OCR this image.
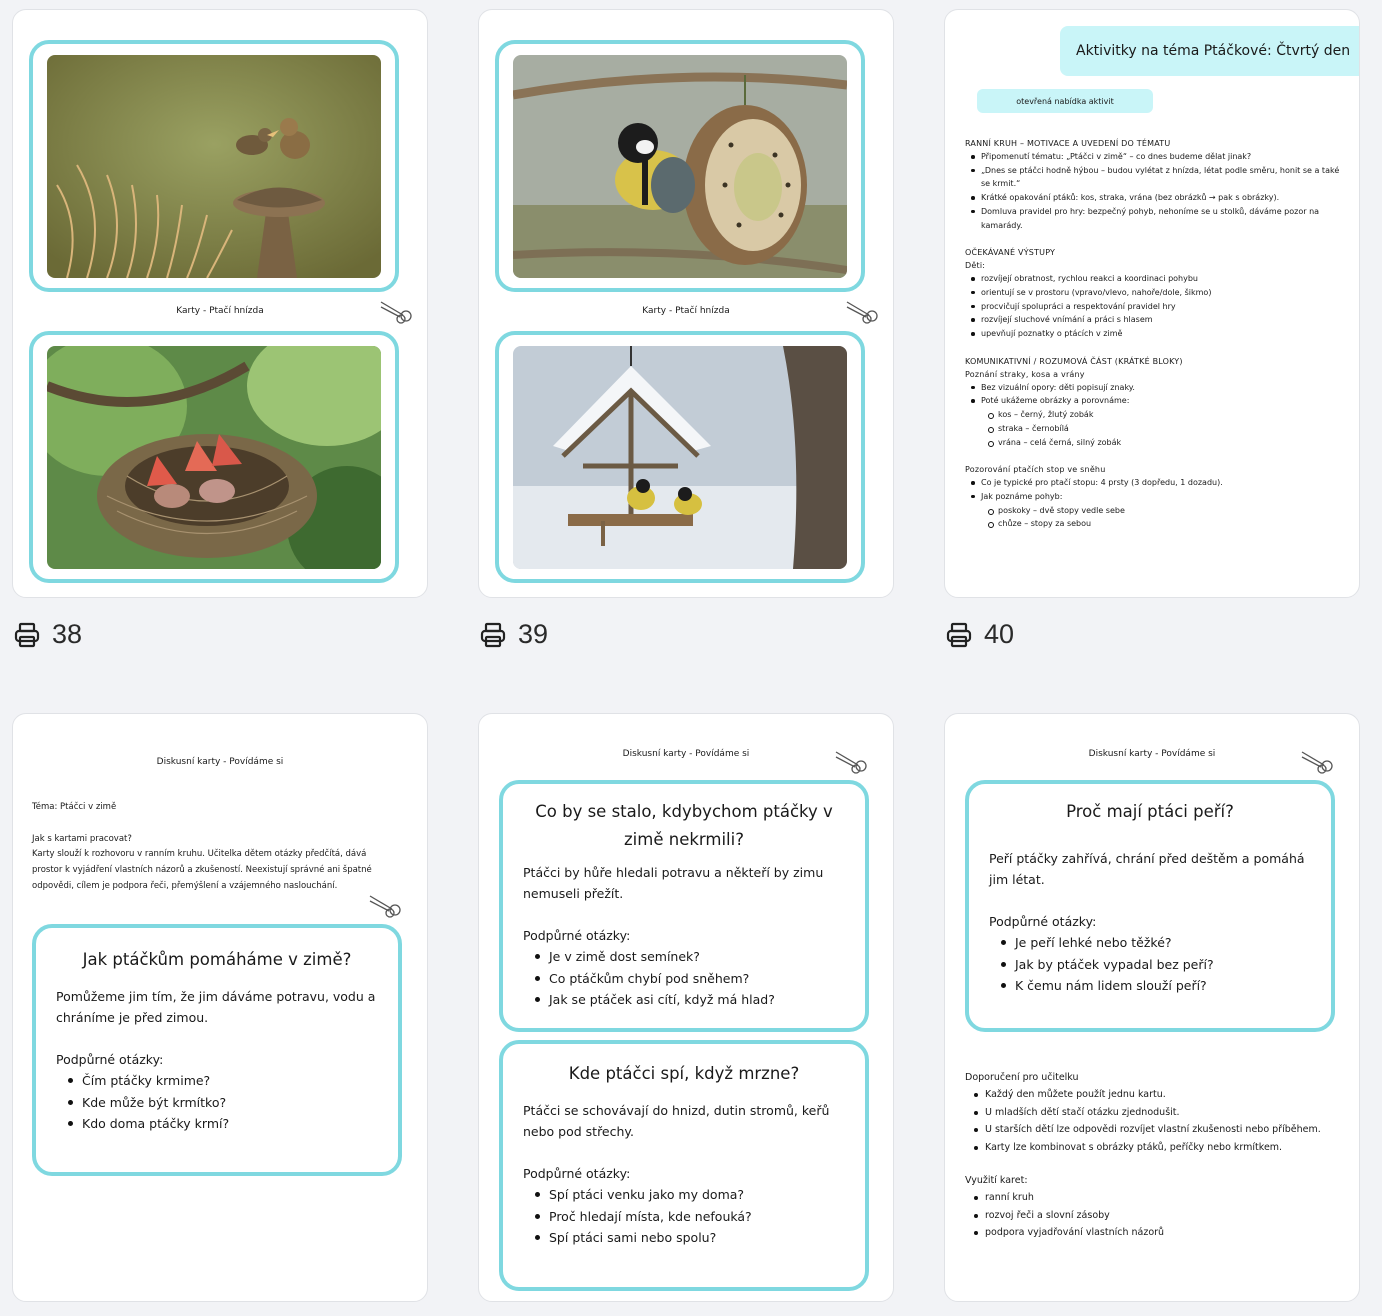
Karty - Ptačí hnízda
38
Karty - Ptačí hnízda
39
Aktivitky na téma Ptáčkové: Čtvrtý den
otevřená nabídka aktivit
RANNÍ KRUH – MOTIVACE A UVEDENÍ DO TÉMATU
Připomenutí tématu: „Ptáčci v zimě“ – co dnes budeme dělat jinak?
„Dnes se ptáčci hodně hýbou – budou vylétat z hnízda, létat podle směru, honit se a také se krmit.“
Krátké opakování ptáků: kos, straka, vrána (bez obrázků → pak s obrázky).
Domluva pravidel pro hry: bezpečný pohyb, nehoníme se u stolků, dáváme pozor na kamarády.
OČEKÁVANÉ VÝSTUPY
Děti:
rozvíjejí obratnost, rychlou reakci a koordinaci pohybu
orientují se v prostoru (vpravo/vlevo, nahoře/dole, šikmo)
procvičují spolupráci a respektování pravidel hry
rozvíjejí sluchové vnímání a práci s hlasem
upevňují poznatky o ptácích v zimě
KOMUNIKATIVNÍ / ROZUMOVÁ ČÁST (KRÁTKÉ BLOKY)
Poznání straky, kosa a vrány
Bez vizuální opory: děti popisují znaky.
Poté ukážeme obrázky a porovnáme:
kos – černý, žlutý zobák
straka – černobílá
vrána – celá černá, silný zobák
Pozorování ptačích stop ve sněhu
Co je typické pro ptačí stopu: 4 prsty (3 dopředu, 1 dozadu).
Jak poznáme pohyb:
poskoky – dvě stopy vedle sebe
chůze – stopy za sebou
40
Diskusní karty - Povídáme si
Téma: Ptáčci v zimě
Jak s kartami pracovat?
Karty slouží k rozhovoru v ranním kruhu. Učitelka dětem otázky předčítá, dává
prostor k vyjádření vlastních názorů a zkušeností. Neexistují správné ani špatné
odpovědi, cílem je podpora řeči, přemýšlení a vzájemného naslouchání.
Jak ptáčkům pomáháme v zimě?
Pomůžeme jim tím, že jim dáváme potravu, vodu a chráníme je před zimou.
Podpůrné otázky:
Čím ptáčky krmime?
Kde může být krmítko?
Kdo doma ptáčky krmí?
Diskusní karty - Povídáme si
Co by se stalo, kdybychom ptáčky v zimě nekrmili?
Ptáčci by hůře hledali potravu a někteří by zimu nemuseli přežít.
Podpůrné otázky:
Je v zimě dost semínek?
Co ptáčkům chybí pod sněhem?
Jak se ptáček asi cítí, když má hlad?
Kde ptáčci spí, když mrzne?
Ptáčci se schovávají do hnizd, dutin stromů, keřů nebo pod střechy.
Podpůrné otázky:
Spí ptáci venku jako my doma?
Proč hledají místa, kde nefouká?
Spí ptáci sami nebo spolu?
Diskusní karty - Povídáme si
Proč mají ptáci peří?
Peří ptáčky zahřívá, chrání před deštěm a pomáhá jim létat.
Podpůrné otázky:
Je peří lehké nebo těžké?
Jak by ptáček vypadal bez peří?
K čemu nám lidem slouží peří?
Doporučení pro učitelku
Každý den můžete použít jednu kartu.
U mladších dětí stačí otázku zjednodušit.
U starších dětí lze odpovědi rozvíjet vlastní zkušenosti nebo příběhem.
Karty lze kombinovat s obrázky ptáků, peříčky nebo krmítkem.
Využití karet:
ranní kruh
rozvoj řeči a slovní zásoby
podpora vyjadřování vlastních názorů
